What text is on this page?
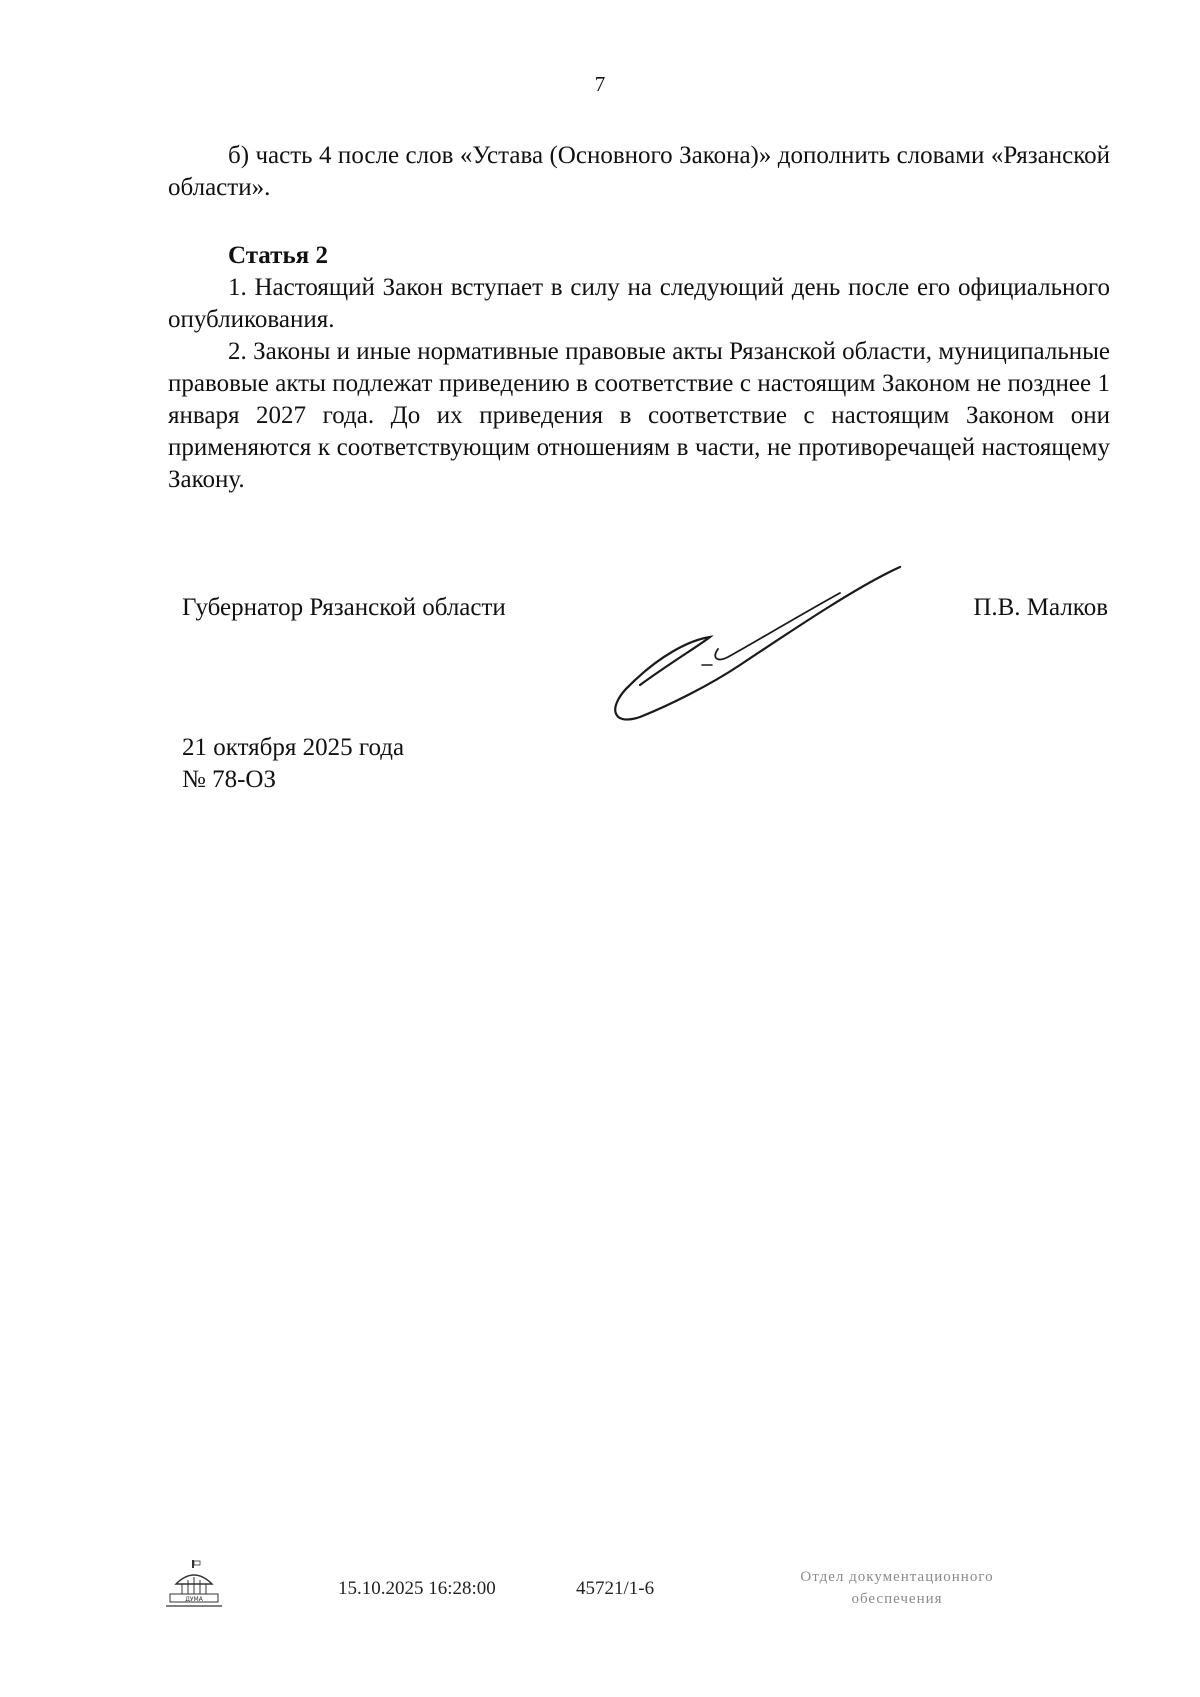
7

б) часть 4 после слов «Устава (Основного Закона)» дополнить словами «Рязанской области».

Статья 2

1. Настоящий Закон вступает в силу на следующий день после его официального опубликования.

2. Законы и иные нормативные правовые акты Рязанской области, муниципальные правовые акты подлежат приведению в соответствие с настоящим Законом не позднее 1 января 2027 года. До их приведения в соответствие с настоящим Законом они применяются к соответствующим отношениям в части, не противоречащей настоящему Закону.

Губернатор Рязанской области	П.В. Малков
21 октября 2025 года
№ 78-ОЗ
ДУМА
15.10.2025 16:28:00	45721/1-6
Отдел документационного
обеспечения
